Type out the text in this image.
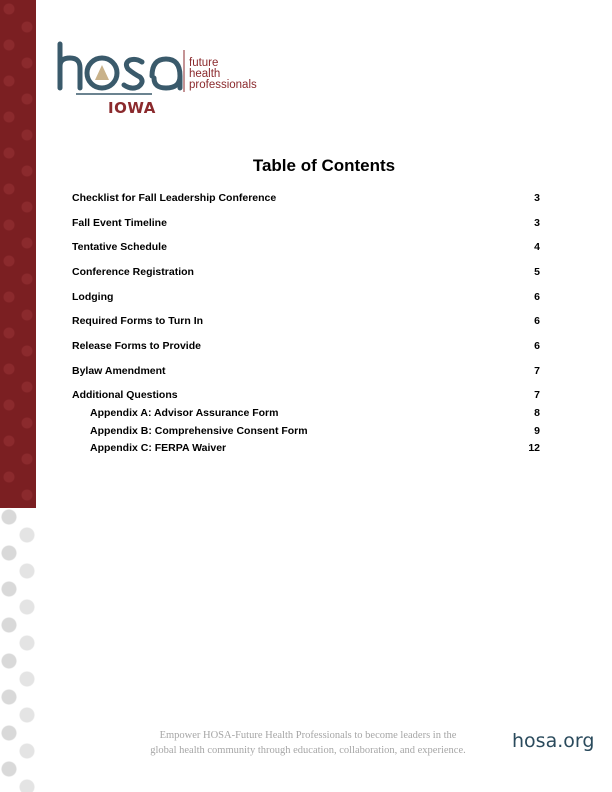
future
health
professionals
IOWA
Table of Contents
Checklist for Fall Leadership Conference	3
Fall Event Timeline	3
Tentative Schedule	4
Conference Registration	5
Lodging	6
Required Forms to Turn In	6
Release Forms to Provide	6
Bylaw Amendment	7
Additional Questions	7
Appendix A: Advisor Assurance Form	8
Appendix B: Comprehensive Consent Form	9
Appendix C: FERPA Waiver	12
Empower HOSA-Future Health Professionals to become leaders in the
global health community through education, collaboration, and experience.	hosa.org
